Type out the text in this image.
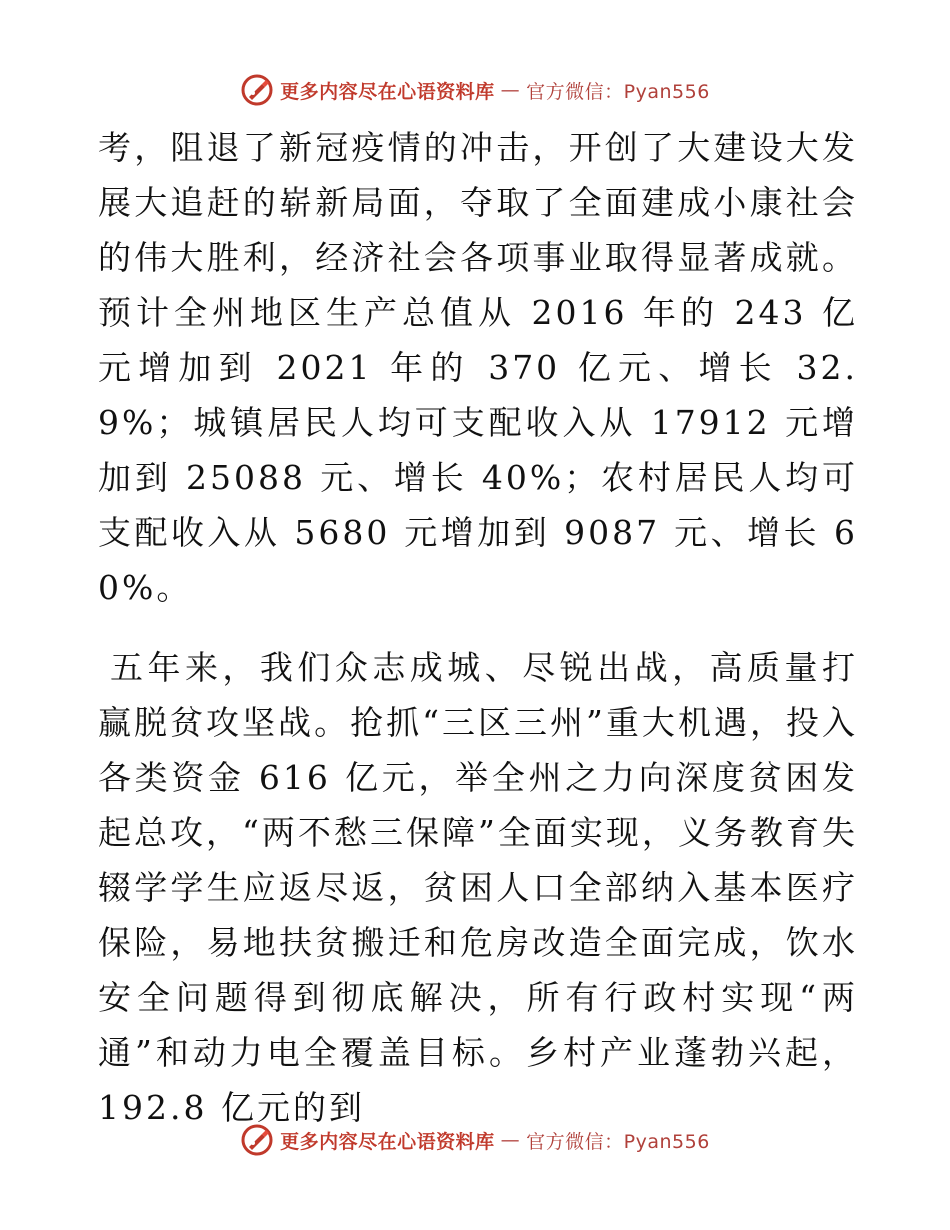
更多内容尽在心语资料库 — 官方微信：Pyan556

考，阻退了新冠疫情的冲击，开创了大建设大发展大追赶的崭新局面，夺取了全面建成小康社会的伟大胜利，经济社会各项事业取得显著成就。预计全州地区生产总值从 2016 年的 243 亿元增加到 2021 年的 370 亿元、增长 32.9%；城镇居民人均可支配收入从 17912 元增加到 25088 元、增长 40%；农村居民人均可支配收入从 5680 元增加到 9087 元、增长 60%。

五年来，我们众志成城、尽锐出战，高质量打赢脱贫攻坚战。抢抓“三区三州”重大机遇，投入各类资金 616 亿元，举全州之力向深度贫困发起总攻，“两不愁三保障”全面实现，义务教育失辍学学生应返尽返，贫困人口全部纳入基本医疗保险，易地扶贫搬迁和危房改造全面完成，饮水安全问题得到彻底解决，所有行政村实现“两通”和动力电全覆盖目标。乡村产业蓬勃兴起，192.8 亿元的到

更多内容尽在心语资料库 — 官方微信：Pyan556
